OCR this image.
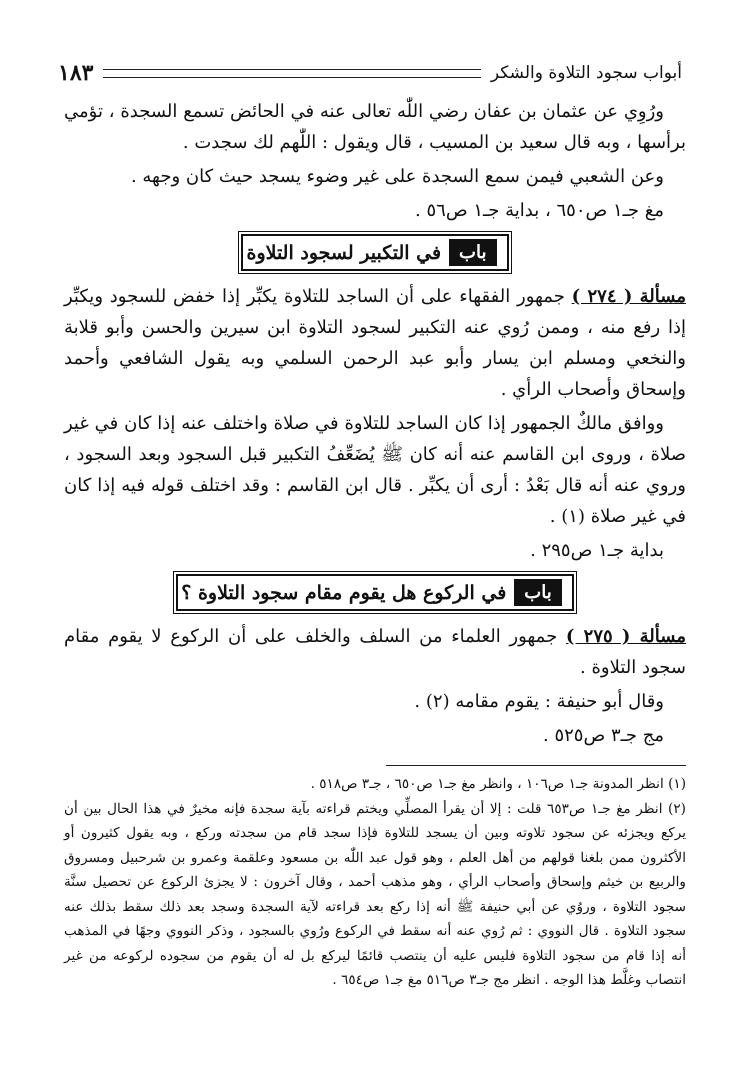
أبواب سجود التلاوة والشكر
١٨٣

ورُوِي عن عثمان بن عفان رضي اللّٰه تعالى عنه في الحائض تسمع السجدة ، تؤمي برأسها ، وبه قال سعيد بن المسيب ، قال ويقول : اللّٰهم لك سجدت .

وعن الشعبي فيمن سمع السجدة على غير وضوء يسجد حيث كان وجهه .

مغ جـ١ ص٦٥٠ ، بداية جـ١ ص٥٦ .

باب
في التكبير لسجود التلاوة

مسألة ( ٢٧٤ ) جمهور الفقهاء على أن الساجد للتلاوة يكبِّر إذا خفض للسجود ويكبِّر إذا رفع منه ، وممن رُوي عنه التكبير لسجود التلاوة ابن سيرين والحسن وأبو قلابة والنخعي ومسلم ابن يسار وأبو عبد الرحمن السلمي وبه يقول الشافعي وأحمد وإسحاق وأصحاب الرأي .

ووافق مالكٌ الجمهور إذا كان الساجد للتلاوة في صلاة واختلف عنه إذا كان في غير صلاة ، وروى ابن القاسم عنه أنه كان ﷺ يُضَعِّفُ التكبير قبل السجود وبعد السجود ، وروي عنه أنه قال بَعْدُ : أرى أن يكبِّر . قال ابن القاسم : وقد اختلف قوله فيه إذا كان في غير صلاة (١) .

بداية جـ١ ص٢٩٥ .

باب
في الركوع هل يقوم مقام سجود التلاوة ؟

مسألة ( ٢٧٥ ) جمهور العلماء من السلف والخلف على أن الركوع لا يقوم مقام سجود التلاوة .

وقال أبو حنيفة : يقوم مقامه (٢) .

مج جـ٣ ص٥٢٥ .

(١) انظر المدونة جـ١ ص١٠٦ ، وانظر مغ جـ١ ص٦٥٠ ، جـ٣ ص٥١٨ .

(٢) انظر مغ جـ١ ص٦٥٣ قلت : إلا أن يقرأ المصلِّي ويختم قراءته بآية سجدة فإنه مخيرٌ في هذا الحال بين أن يركع ويجزئه عن سجود تلاوته وبين أن يسجد للتلاوة فإذا سجد قام من سجدته وركع ، وبه يقول كثيرون أو الأكثرون ممن بلغنا قولهم من أهل العلم ، وهو قول عبد اللّٰه بن مسعود وعلقمة وعمرو بن شرحبيل ومسروق والربيع بن خيثم وإسحاق وأصحاب الرأي ، وهو مذهب أحمد ، وقال آخرون : لا يجزئ الركوع عن تحصيل سنَّة سجود التلاوة ، وروُي عن أبي حنيفة ﷺ أنه إذا ركع بعد قراءته لآية السجدة وسجد بعد ذلك سقط بذلك عنه سجود التلاوة . قال النووي : ثم رُوي عنه أنه سقط في الركوع ورُوي بالسجود ، وذكر النووي وجهًا في المذهب أنه إذا قام من سجود التلاوة فليس عليه أن ينتصب قائمًا ليركع بل له أن يقوم من سجوده لركوعه من غير انتصاب وغلَّط هذا الوجه . انظر مج جـ٣ ص٥١٦ مغ جـ١ ص٦٥٤ .
